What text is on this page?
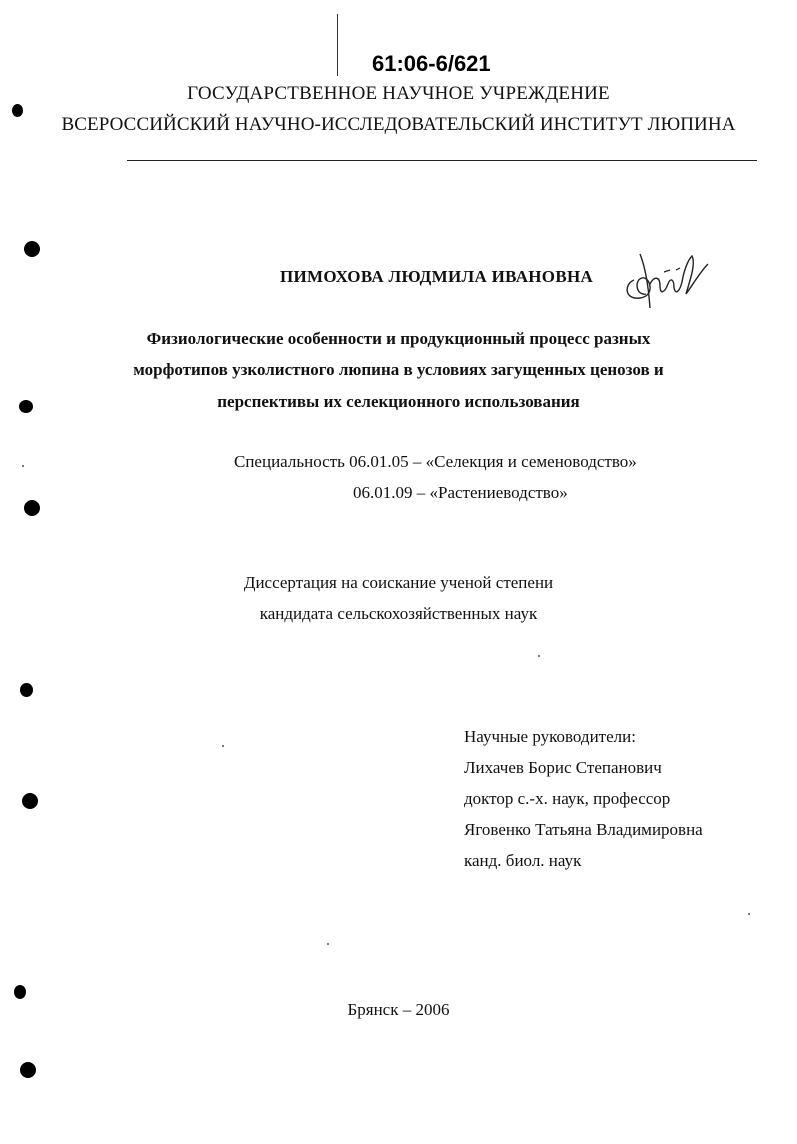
61:06-6/621
ГОСУДАРСТВЕННОЕ НАУЧНОЕ УЧРЕЖДЕНИЕ
ВСЕРОССИЙСКИЙ НАУЧНО-ИССЛЕДОВАТЕЛЬСКИЙ ИНСТИТУТ ЛЮПИНА
ПИМОХОВА ЛЮДМИЛА ИВАНОВНА
Физиологические особенности и продукционный процесс разных
морфотипов узколистного люпина в условиях загущенных ценозов и
перспективы их селекционного использования
Специальность 06.01.05 – «Селекция и семеноводство»
06.01.09 – «Растениеводство»
Диссертация на соискание ученой степени
кандидата сельскохозяйственных наук
Научные руководители:
Лихачев Борис Степанович
доктор с.-х. наук, профессор
Яговенко Татьяна Владимировна
канд. биол. наук
Брянск – 2006
